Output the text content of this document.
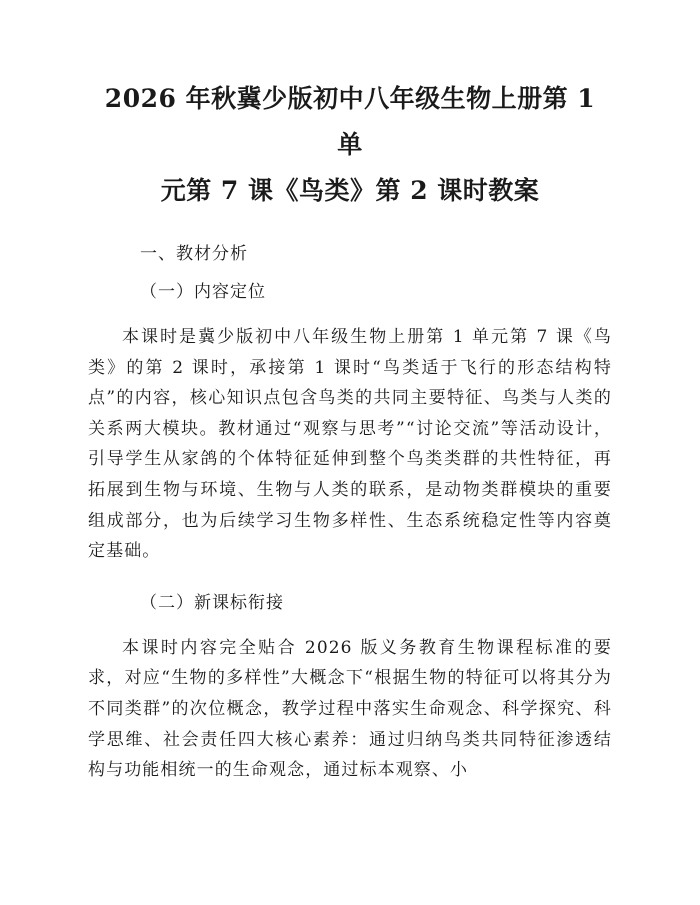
2026 年秋冀少版初中八年级生物上册第 1 单
元第 7 课《鸟类》第 2 课时教案
一、教材分析
（一）内容定位

本课时是冀少版初中八年级生物上册第 1 单元第 7 课《鸟类》的第 2 课时，承接第 1 课时“鸟类适于飞行的形态结构特点”的内容，核心知识点包含鸟类的共同主要特征、鸟类与人类的关系两大模块。教材通过“观察与思考”“讨论交流”等活动设计，引导学生从家鸽的个体特征延伸到整个鸟类类群的共性特征，再拓展到生物与环境、生物与人类的联系，是动物类群模块的重要组成部分，也为后续学习生物多样性、生态系统稳定性等内容奠定基础。

（二）新课标衔接

本课时内容完全贴合 2026 版义务教育生物课程标准的要求，对应“生物的多样性”大概念下“根据生物的特征可以将其分为不同类群”的次位概念，教学过程中落实生命观念、科学探究、科学思维、社会责任四大核心素养：通过归纳鸟类共同特征渗透结构与功能相统一的生命观念，通过标本观察、小
